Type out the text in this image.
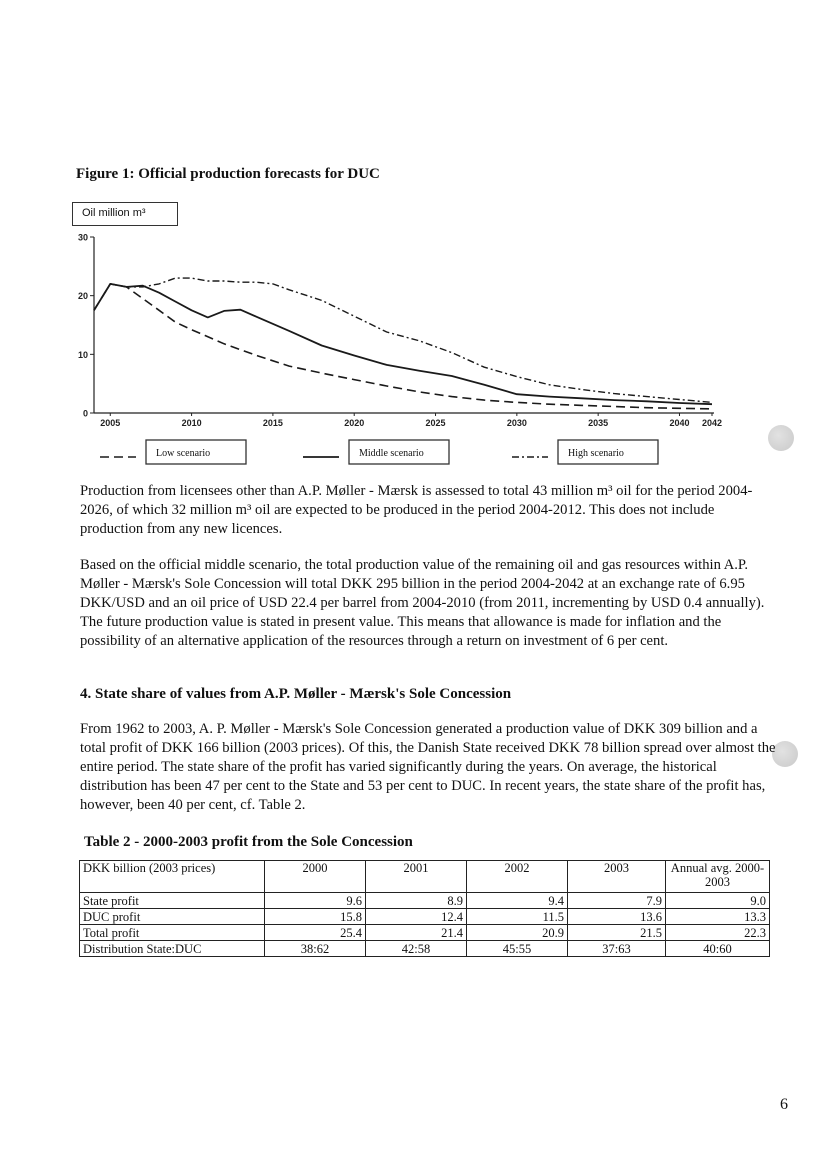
Figure 1: Official production forecasts for DUC
Oil million m³
0
10
20
30
2005	2010	2015	2020	2025	2030	2035	2040 2042
Low scenario	Middle scenario	High scenario

Production from licensees other than A.P. Møller - Mærsk is assessed to total 43 million m³ oil for the period 2004-2026, of which 32 million m³ oil are expected to be produced in the period 2004-2012. This does not include production from any new licences.

Based on the official middle scenario, the total production value of the remaining oil and gas resources within A.P. Møller - Mærsk's Sole Concession will total DKK 295 billion in the period 2004-2042 at an exchange rate of 6.95 DKK/USD and an oil price of USD 22.4 per barrel from 2004-2010 (from 2011, incrementing by USD 0.4 annually). The future production value is stated in present value. This means that allowance is made for inflation and the possibility of an alternative application of the resources through a return on investment of 6 per cent.

4. State share of values from A.P. Møller - Mærsk's Sole Concession

From 1962 to 2003, A. P. Møller - Mærsk's Sole Concession generated a production value of DKK 309 billion and a total profit of DKK 166 billion (2003 prices). Of this, the Danish State received DKK 78 billion spread over almost the entire period. The state share of the profit has varied significantly during the years. On average, the historical distribution has been 47 per cent to the State and 53 per cent to DUC. In recent years, the state share of the profit has, however, been 40 per cent, cf. Table 2.

Table 2 - 2000-2003 profit from the Sole Concession
DKK billion (2003 prices)	2000	2001	2002	2003	Annual avg. 2000-2003
State profit	9.6	8.9	9.4	7.9	9.0
DUC profit	15.8	12.4	11.5	13.6	13.3
Total profit	25.4	21.4	20.9	21.5	22.3
Distribution State:DUC	38:62	42:58	45:55	37:63	40:60
6
